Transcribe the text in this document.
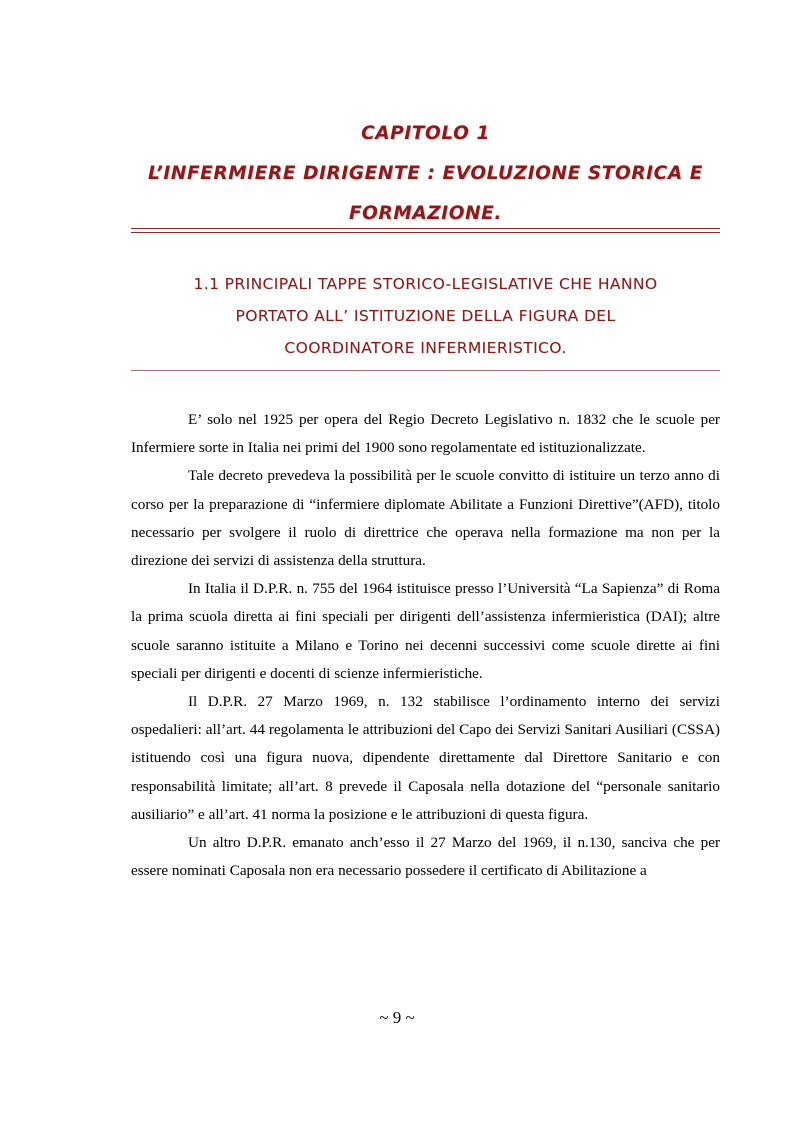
CAPITOLO 1
L’INFERMIERE DIRIGENTE : EVOLUZIONE STORICA E
FORMAZIONE.
1.1 PRINCIPALI TAPPE STORICO-LEGISLATIVE CHE HANNO
PORTATO ALL’ ISTITUZIONE DELLA FIGURA DEL
COORDINATORE INFERMIERISTICO.

E’ solo nel 1925 per opera del Regio Decreto Legislativo n. 1832 che le scuole per Infermiere sorte in Italia nei primi del 1900 sono regolamentate ed istituzionalizzate.

Tale decreto prevedeva la possibilità per le scuole convitto di istituire un terzo anno di corso per la preparazione di “infermiere diplomate Abilitate a Funzioni Direttive”(AFD), titolo necessario per svolgere il ruolo di direttrice che operava nella formazione ma non per la direzione dei servizi di assistenza della struttura.

In Italia il D.P.R. n. 755 del 1964 istituisce presso l’Università “La Sapienza” di Roma la prima scuola diretta ai fini speciali per dirigenti dell’assistenza infermieristica (DAI); altre scuole saranno istituite a Milano e Torino nei decenni successivi come scuole dirette ai fini speciali per dirigenti e docenti di scienze infermieristiche.

Il D.P.R. 27 Marzo 1969, n. 132 stabilisce l’ordinamento interno dei servizi ospedalieri: all’art. 44 regolamenta le attribuzioni del Capo dei Servizi Sanitari Ausiliari (CSSA) istituendo così una figura nuova, dipendente direttamente dal Direttore Sanitario e con responsabilità limitate; all’art. 8 prevede il Caposala nella dotazione del “personale sanitario ausiliario” e all’art. 41 norma la posizione e le attribuzioni di questa figura.

Un altro D.P.R. emanato anch’esso il 27 Marzo del 1969, il n.130, sanciva che per essere nominati Caposala non era necessario possedere il certificato di Abilitazione a

~ 9 ~
